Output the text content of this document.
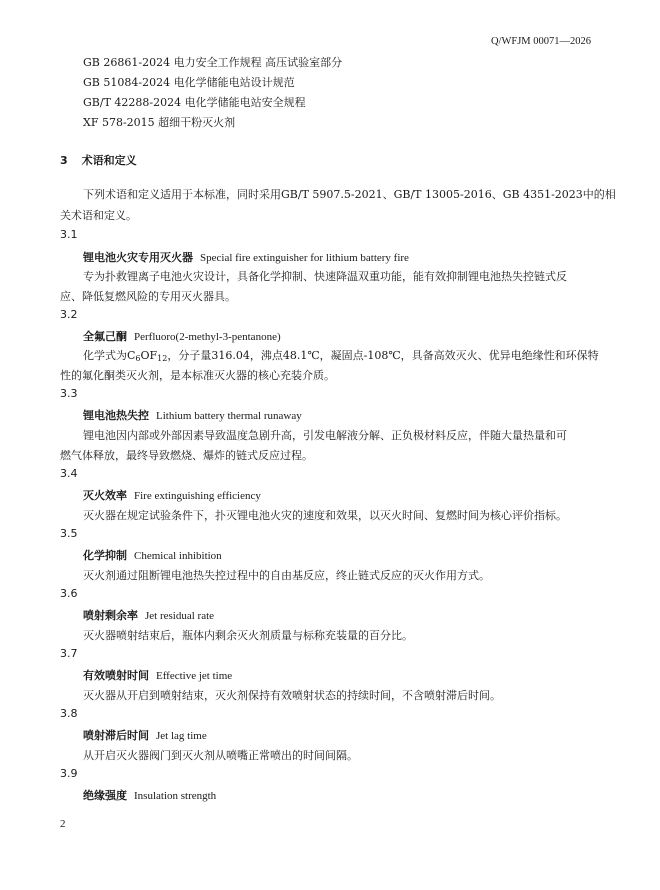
Q/WFJM 00071—2026
GB 26861-2024 电力安全工作规程 高压试验室部分
GB 51084-2024 电化学储能电站设计规范
GB/T 42288-2024 电化学储能电站安全规程
XF 578-2015 超细干粉灭火剂
3 术语和定义
下列术语和定义适用于本标准，同时采用GB/T 5907.5-2021、GB/T 13005-2016、GB 4351-2023中的相
关术语和定义。
3.1
锂电池火灾专用灭火器 Special fire extinguisher for lithium battery fire
专为扑救锂离子电池火灾设计，具备化学抑制、快速降温双重功能，能有效抑制锂电池热失控链式反
应、降低复燃风险的专用灭火器具。
3.2
全氟己酮 Perfluoro(2-methyl-3-pentanone)
化学式为$C_6OF_{12}$，分子量316.04，沸点48.1℃，凝固点-108℃，具备高效灭火、优异电绝缘性和环保特
性的氟化酮类灭火剂，是本标准灭火器的核心充装介质。
3.3
锂电池热失控 Lithium battery thermal runaway
锂电池因内部或外部因素导致温度急剧升高，引发电解液分解、正负极材料反应，伴随大量热量和可
燃气体释放，最终导致燃烧、爆炸的链式反应过程。
3.4
灭火效率 Fire extinguishing efficiency
灭火器在规定试验条件下，扑灭锂电池火灾的速度和效果，以灭火时间、复燃时间为核心评价指标。
3.5
化学抑制 Chemical inhibition
灭火剂通过阻断锂电池热失控过程中的自由基反应，终止链式反应的灭火作用方式。
3.6
喷射剩余率 Jet residual rate
灭火器喷射结束后，瓶体内剩余灭火剂质量与标称充装量的百分比。
3.7
有效喷射时间 Effective jet time
灭火器从开启到喷射结束，灭火剂保持有效喷射状态的持续时间，不含喷射滞后时间。
3.8
喷射滞后时间 Jet lag time
从开启灭火器阀门到灭火剂从喷嘴正常喷出的时间间隔。
3.9
绝缘强度 Insulation strength
2
